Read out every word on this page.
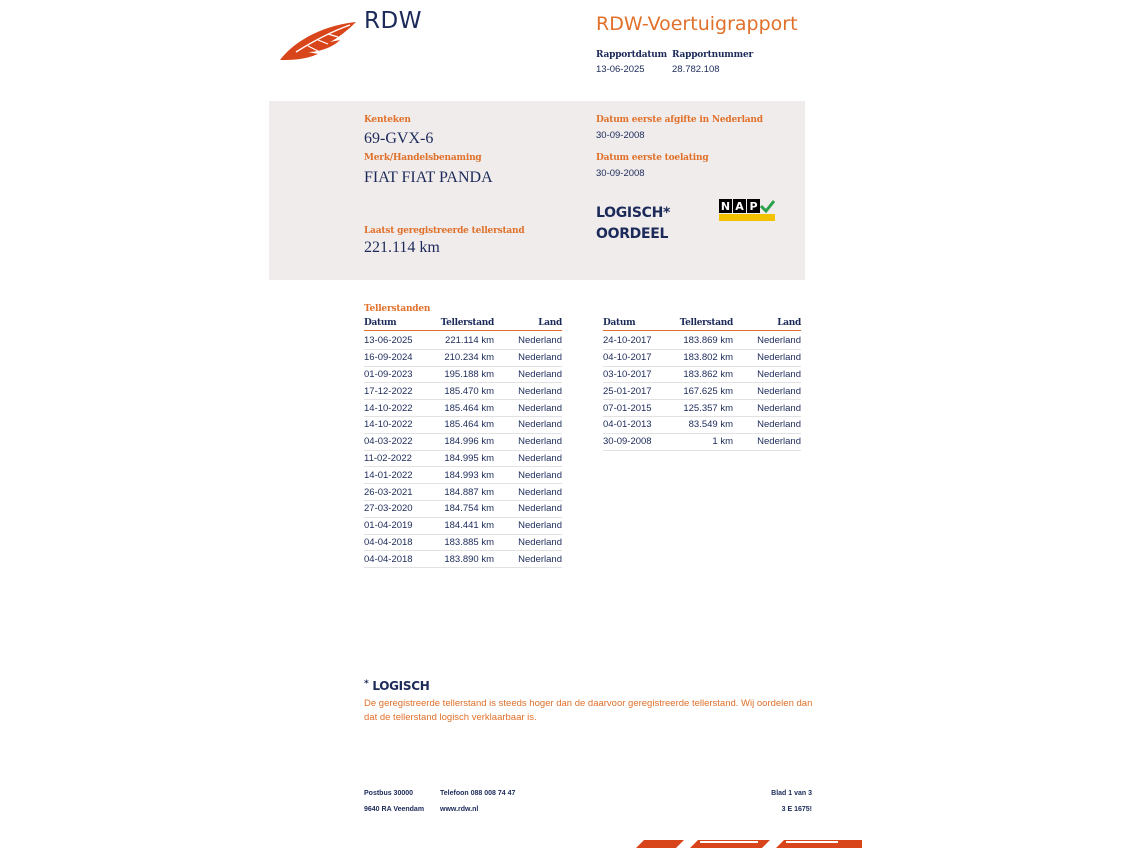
RDW	RDW-Voertuigrapport
Rapportdatum
13-06-2025
Rapportnummer
28.782.108
Kenteken
69-GVX-6
Merk/Handelsbenaming
FIAT FIAT PANDA
Laatst geregistreerde tellerstand
221.114 km
Datum eerste afgifte in Nederland
30-09-2008
Datum eerste toelating
30-09-2008
LOGISCH*
OORDEEL
N A P
Tellerstanden
Datum	Tellerstand	Land
13-06-2025	221.114 km	Nederland
16-09-2024	210.234 km	Nederland
01-09-2023	195.188 km	Nederland
17-12-2022	185.470 km	Nederland
14-10-2022	185.464 km	Nederland
14-10-2022	185.464 km	Nederland
04-03-2022	184.996 km	Nederland
11-02-2022	184.995 km	Nederland
14-01-2022	184.993 km	Nederland
26-03-2021	184.887 km	Nederland
27-03-2020	184.754 km	Nederland
01-04-2019	184.441 km	Nederland
04-04-2018	183.885 km	Nederland
04-04-2018	183.890 km	Nederland
Datum	Tellerstand	Land
24-10-2017	183.869 km	Nederland
04-10-2017	183.802 km	Nederland
03-10-2017	183.862 km	Nederland
25-01-2017	167.625 km	Nederland
07-01-2015	125.357 km	Nederland
04-01-2013	83.549 km	Nederland
30-09-2008	1 km	Nederland
* LOGISCH
De geregistreerde tellerstand is steeds hoger dan de daarvoor geregistreerde tellerstand. Wij oordelen dan dat de tellerstand logisch verklaarbaar is.
Postbus 30000
9640 RA Veendam
Telefoon 088 008 74 47
www.rdw.nl
Blad 1 van 3
3 E 1675!
